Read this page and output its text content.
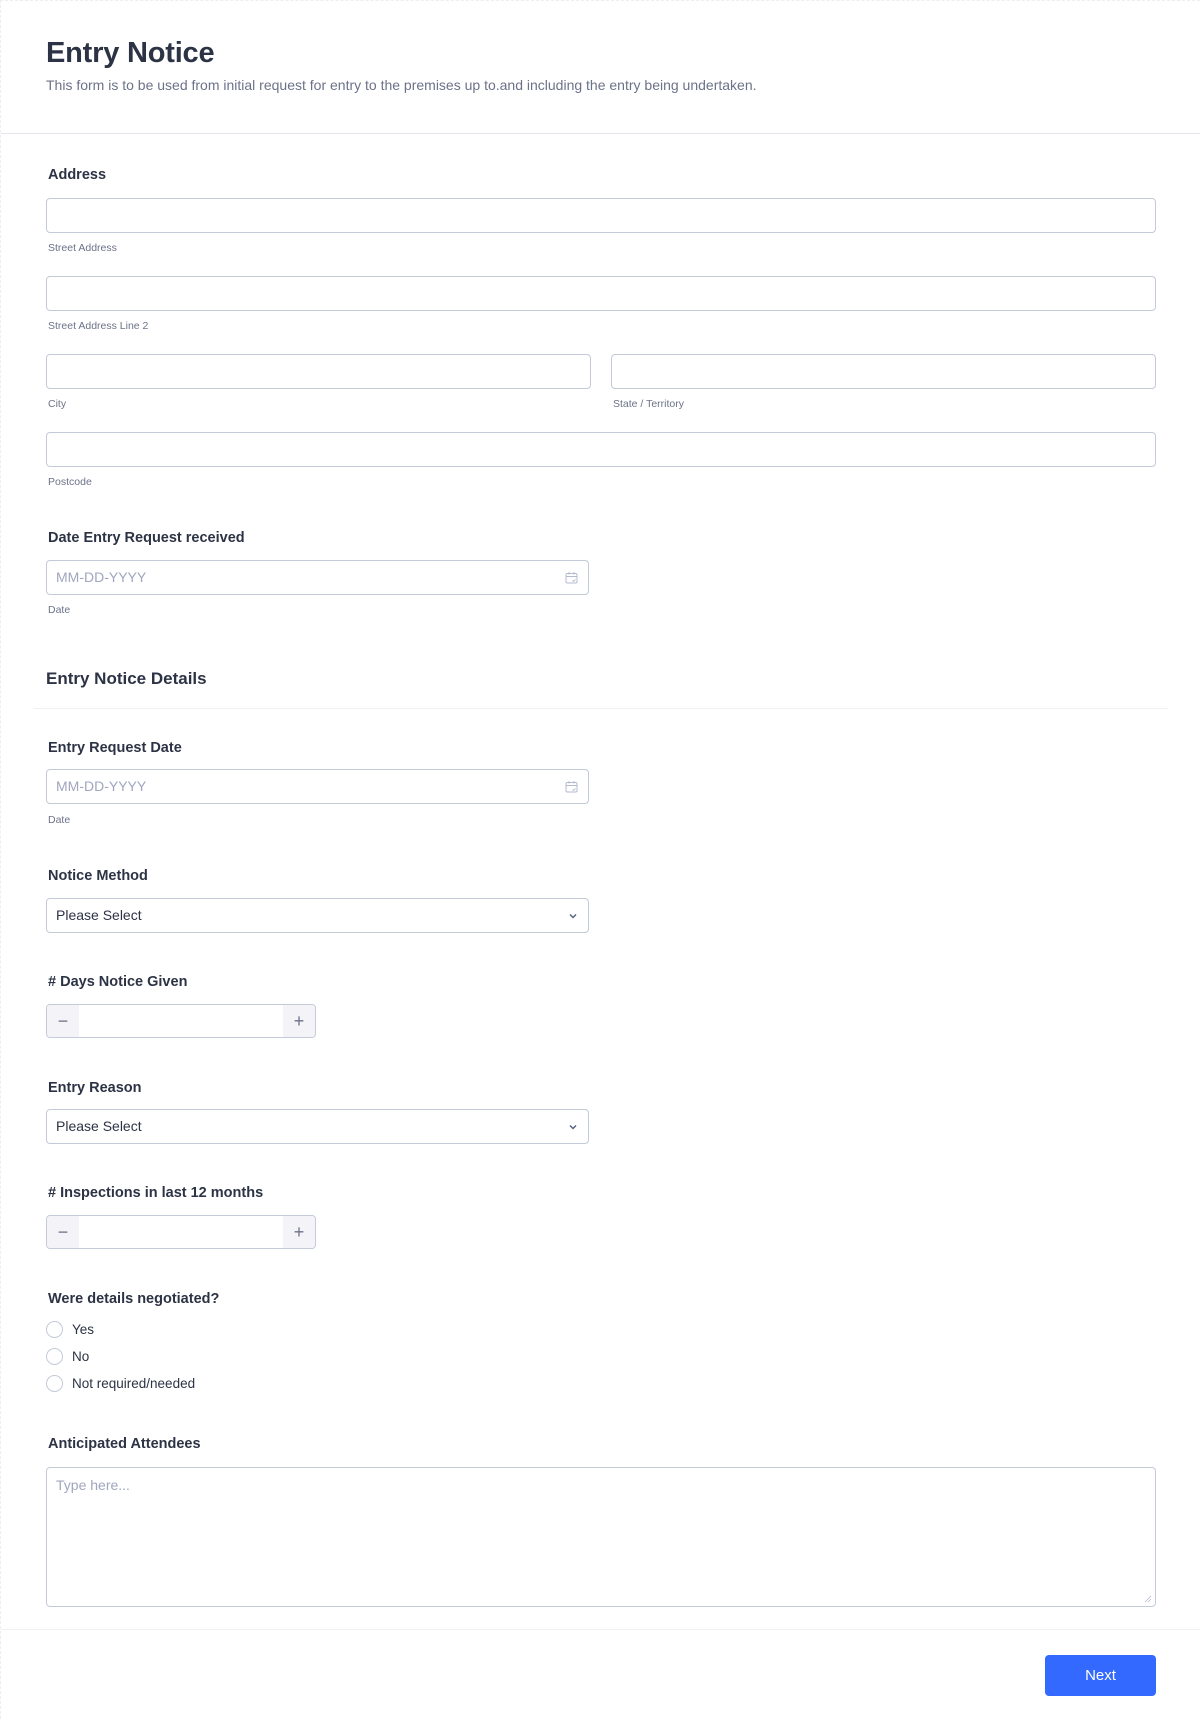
Entry Notice
This form is to be used from initial request for entry to the premises up to.and including the entry being undertaken.
Address
Street Address
Street Address Line 2
City	State / Territory
Postcode
Date Entry Request received
MM-DD-YYYY
Date
Entry Notice Details
Entry Request Date
MM-DD-YYYY
Date
Notice Method
Please Select
# Days Notice Given
−	+
Entry Reason
Please Select
# Inspections in last 12 months
−	+
Were details negotiated?
Yes
No
Not required/needed
Anticipated Attendees
Type here...
Next
